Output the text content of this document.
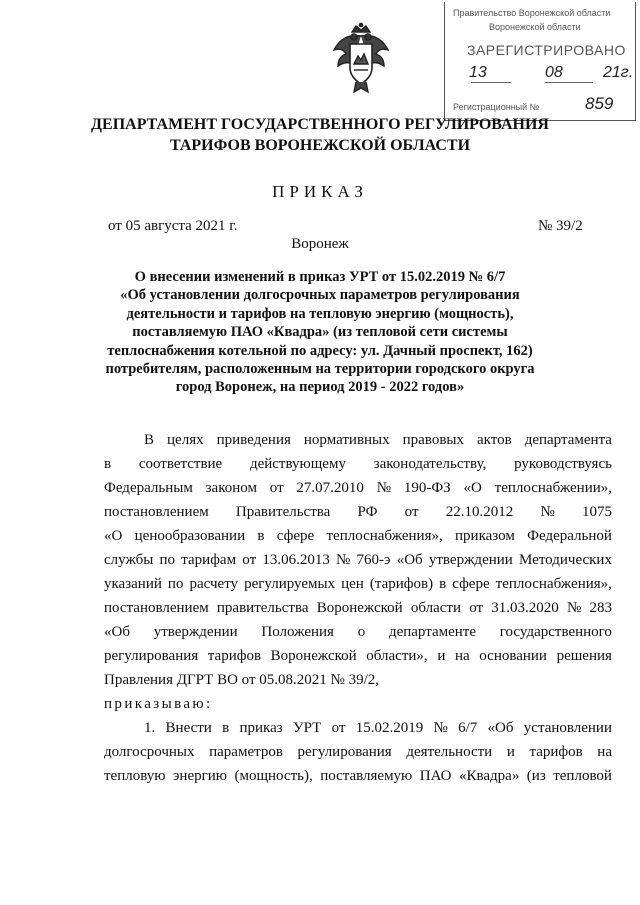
Правительство Воронежской области
Воронежской области
ЗАРЕГИСТРИРОВАНО
13	08	21г.
Регистрационный №	859
ДЕПАРТАМЕНТ ГОСУДАРСТВЕННОГО РЕГУЛИРОВАНИЯ
ТАРИФОВ ВОРОНЕЖСКОЙ ОБЛАСТИ
ПРИКАЗ
от 05 августа 2021 г.	№ 39/2
Воронеж
О внесении изменений в приказ УРТ от 15.02.2019 № 6/7
«Об установлении долгосрочных параметров регулирования
деятельности и тарифов на тепловую энергию (мощность),
поставляемую ПАО «Квадра» (из тепловой сети системы
теплоснабжения котельной по адресу: ул. Дачный проспект, 162)
потребителям, расположенным на территории городского округа
город Воронеж, на период 2019 - 2022 годов»
В целях приведения нормативных правовых актов департамента
в соответствие действующему законодательству, руководствуясь
Федеральным законом от 27.07.2010 № 190-ФЗ «О теплоснабжении»,
постановлением Правительства РФ от 22.10.2012 № 1075
«О ценообразовании в сфере теплоснабжения», приказом Федеральной
службы по тарифам от 13.06.2013 № 760-э «Об утверждении Методических
указаний по расчету регулируемых цен (тарифов) в сфере теплоснабжения»,
постановлением правительства Воронежской области от 31.03.2020 № 283
«Об утверждении Положения о департаменте государственного
регулирования тарифов Воронежской области», и на основании решения
Правления ДГРТ ВО от 05.08.2021 № 39/2,
приказываю:
1. Внести в приказ УРТ от 15.02.2019 № 6/7 «Об установлении
долгосрочных параметров регулирования деятельности и тарифов на
тепловую энергию (мощность), поставляемую ПАО «Квадра» (из тепловой
